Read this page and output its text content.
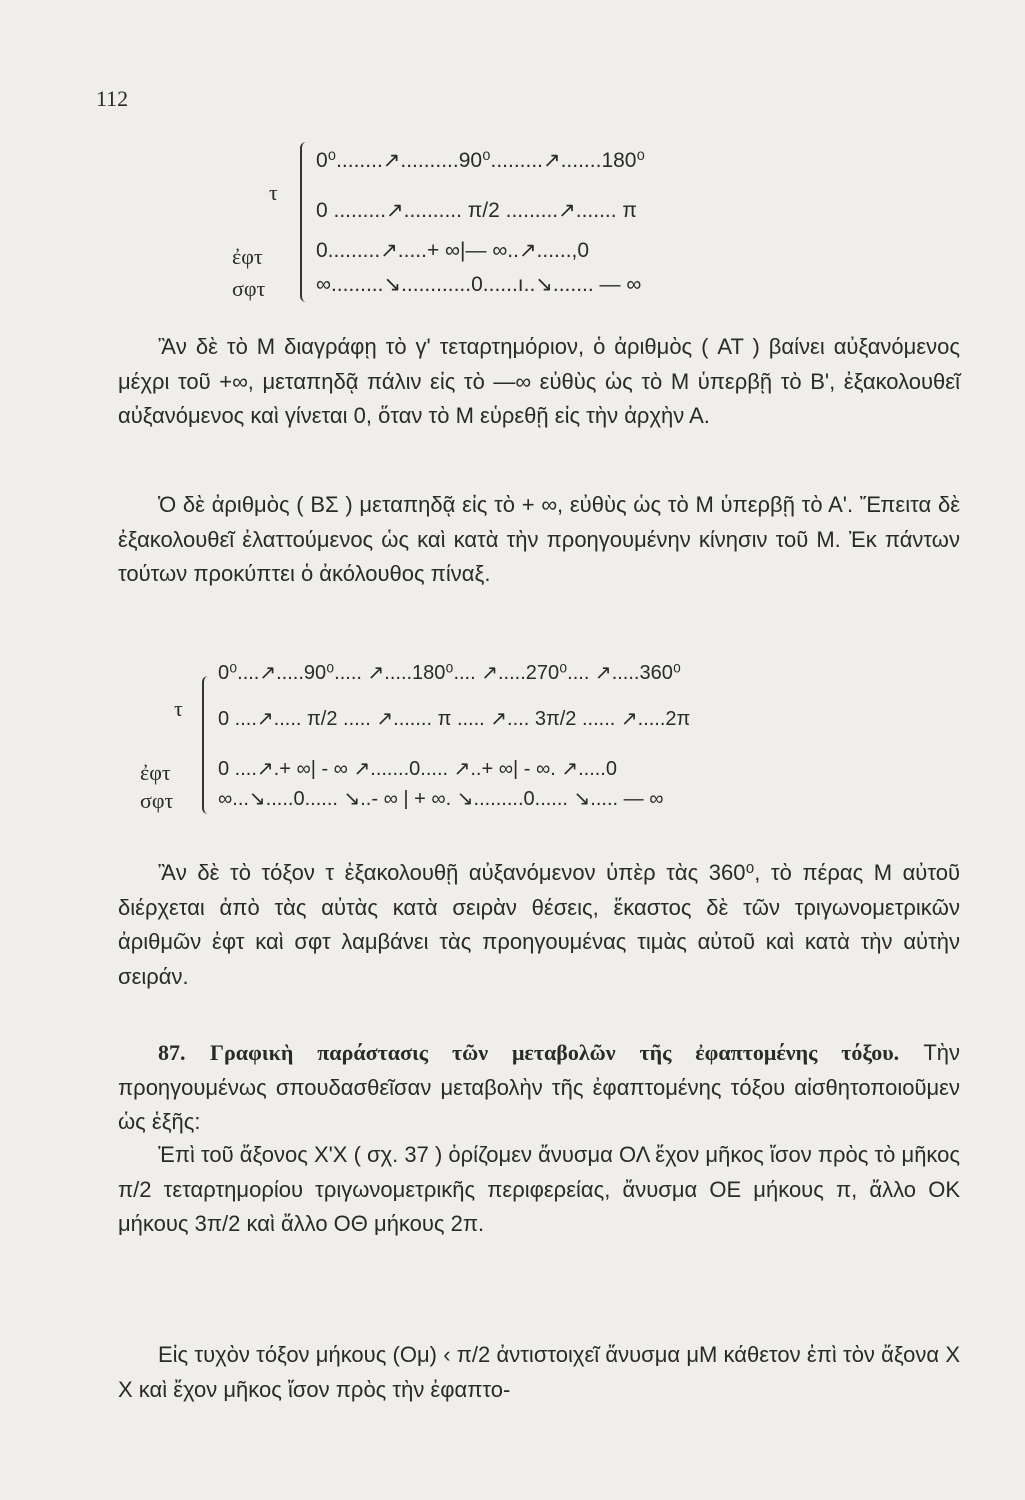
112
τ
ἐφτ
σφτ
0⁰........↗..........90⁰.........↗.......180⁰
0 .........↗.......... π/2 .........↗....... π
0.........↗.....+ ∞|— ∞..↗......,0
∞.........↘............0......ı..↘....... — ∞
Ἂν δὲ τὸ Μ διαγράφῃ τὸ γ' τεταρτημόριον, ὁ ἀριθμὸς ( AT ) βαίνει αὐξανόμενος μέχρι τοῦ +∞, μεταπηδᾷ πάλιν εἰς τὸ —∞ εὐθὺς ὡς τὸ Μ ὑπερβῇ τὸ Β', ἐξακολουθεῖ αὐξανόμενος καὶ γίνεται 0, ὅταν τὸ Μ εὑρεθῇ εἰς τὴν ἀρχὴν Α.
Ὁ δὲ ἀριθμὸς ( ΒΣ ) μεταπηδᾷ εἰς τὸ + ∞, εὐθὺς ὡς τὸ Μ ὑπερβῇ τὸ Α'. Ἔπειτα δὲ ἐξακολουθεῖ ἐλαττούμενος ὡς καὶ κατὰ τὴν προηγουμένην κίνησιν τοῦ Μ. Ἐκ πάντων τούτων προκύπτει ὁ ἀκόλουθος πίναξ.
τ
ἐφτ
σφτ
0⁰....↗.....90⁰..... ↗.....180⁰.... ↗.....270⁰.... ↗.....360⁰
0 ....↗..... π/2 ..... ↗....... π ..... ↗.... 3π/2 ...... ↗.....2π
0 ....↗.+ ∞| - ∞ ↗.......0..... ↗..+ ∞| - ∞. ↗.....0
∞...↘.....0...... ↘..- ∞ | + ∞. ↘.........0...... ↘..... — ∞
Ἂν δὲ τὸ τόξον τ ἐξακολουθῇ αὐξανόμενον ὑπὲρ τὰς 360⁰, τὸ πέρας Μ αὐτοῦ διέρχεται ἀπὸ τὰς αὐτὰς κατὰ σειρὰν θέσεις, ἕκαστος δὲ τῶν τριγωνομετρικῶν ἀριθμῶν ἐφτ καὶ σφτ λαμβάνει τὰς προηγουμένας τιμὰς αὐτοῦ καὶ κατὰ τὴν αὐτὴν σειράν.
87. Γραφικὴ παράστασις τῶν μεταβολῶν τῆς ἐφαπτομένης τόξου. Τὴν προηγουμένως σπουδασθεῖσαν μεταβολὴν τῆς ἐφαπτομένης τόξου αἰσθητοποιοῦμεν ὡς ἑξῆς:
Ἐπὶ τοῦ ἄξονος Χ'Χ ( σχ. 37 ) ὁρίζομεν ἄνυσμα ΟΛ ἔχον μῆκος ἴσον πρὸς τὸ μῆκος π/2 τεταρτημορίου τριγωνομετρικῆς περιφερείας, ἄνυσμα ΟΕ μήκους π, ἄλλο ΟΚ μήκους 3π/2 καὶ ἄλλο ΟΘ μήκους 2π.
Εἰς τυχὸν τόξον μήκους (Ομ) ‹ π/2 ἀντιστοιχεῖ ἄνυσμα μΜ κάθετον ἐπὶ τὸν ἄξονα Χ Χ καὶ ἔχον μῆκος ἴσον πρὸς τὴν ἐφαπτο-
